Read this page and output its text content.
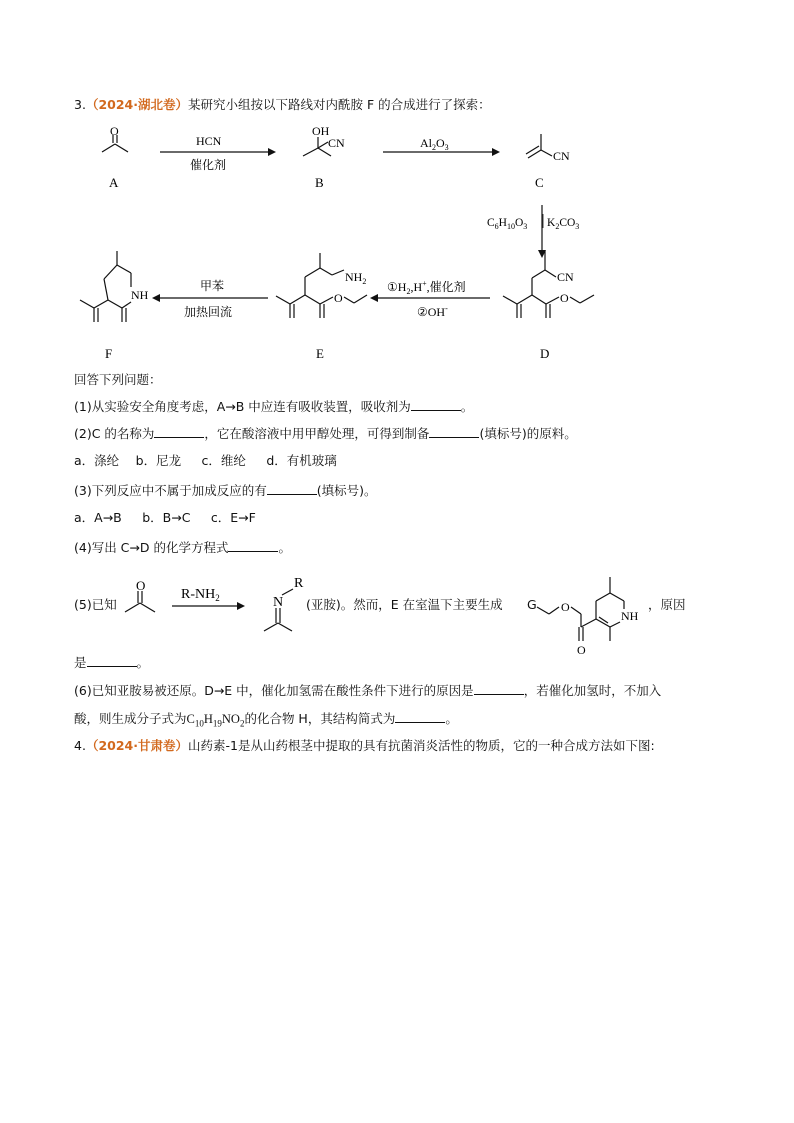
3.（2024·湖北卷）某研究小组按以下路线对内酰胺 F 的合成进行了探索：
O
A
HCN
催化剂
OH
CN
B
$Al_2O_3$
CN
C
$C_6H_{10}O_3$ $K_2CO_3$
CN
O
D
$①H_2,H^+$,催化剂
②OH-
$NH_2$
O
E
甲苯
加热回流
NH
F
回答下列问题：
(1)从实验安全角度考虑，A→B 中应连有吸收装置，吸收剂为	。
(2)C 的名称为	，它在酸溶液中用甲醇处理，可得到制备	(填标号)的原料。
a．涤纶　 b．尼龙　  c．维纶　  d．有机玻璃
(3)下列反应中不属于加成反应的有	(填标号)。
a．A→B　  b．B→C　  c．E→F
(4)写出 C→D 的化学方程式	。
(5)已知
O
$R-NH_2$	N
R
O
O
NH
(亚胺)。然而，E 在室温下主要生成 G	，原因
是	。
(6)已知亚胺易被还原。D→E 中，催化加氢需在酸性条件下进行的原因是	，若催化加氢时，不加入
酸，则生成分子式为$C_{10}H_{19}NO_2$的化合物 H，其结构简式为	。
4.（2024·甘肃卷）山药素-1是从山药根茎中提取的具有抗菌消炎活性的物质，它的一种合成方法如下图:
